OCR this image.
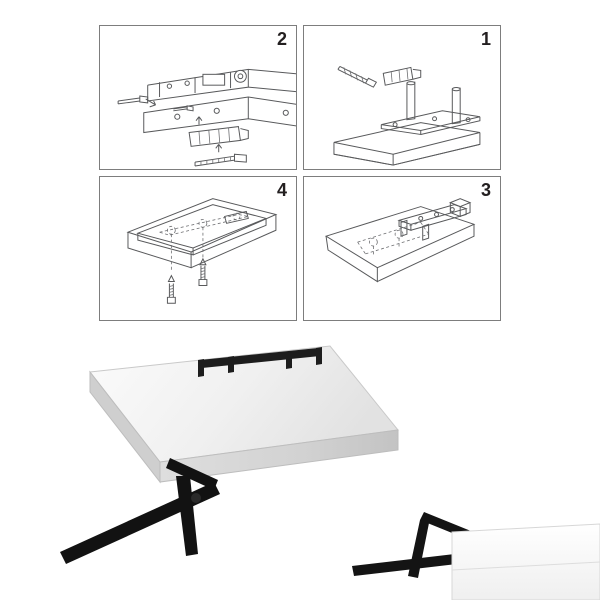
2	1
4	3
